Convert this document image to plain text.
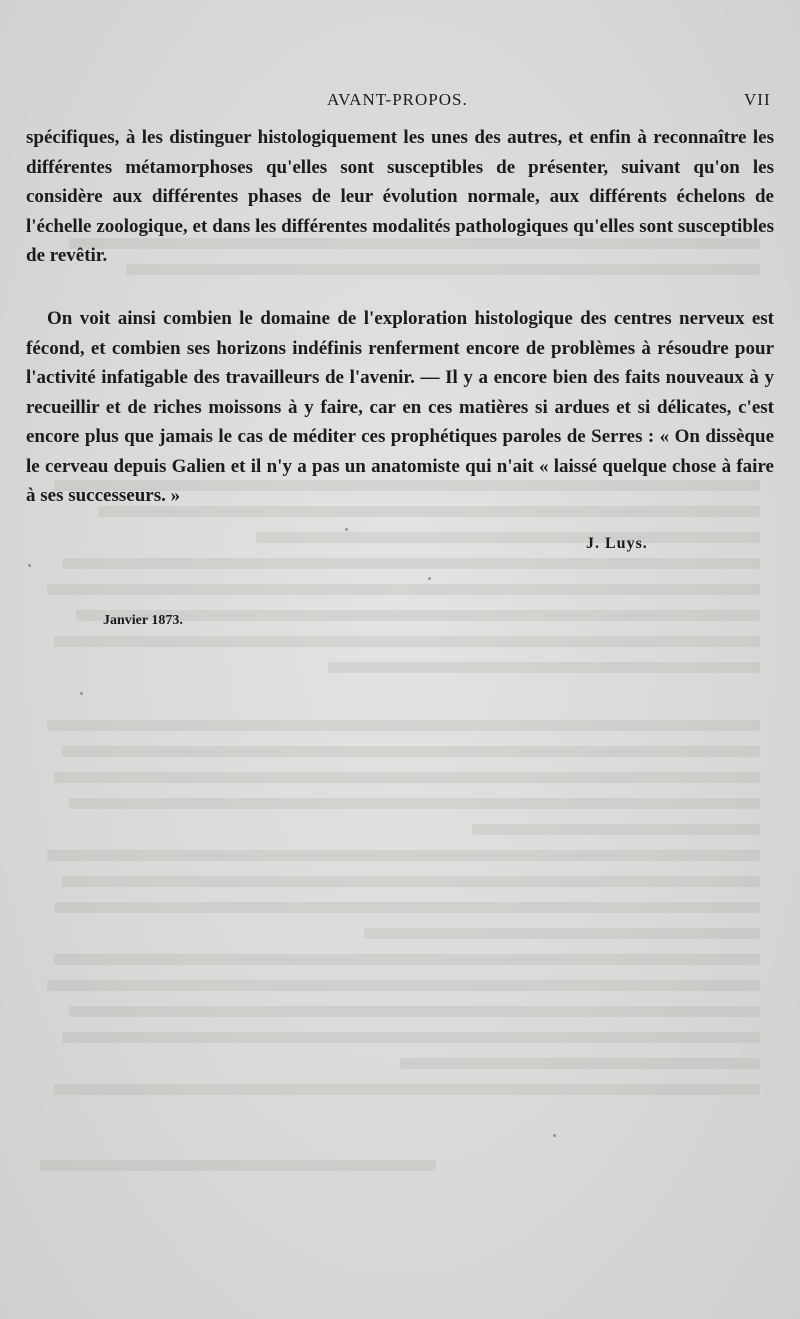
AVANT-PROPOS.	VII

spécifiques, à les distinguer histologiquement les unes des autres, et enfin à reconnaître les différentes métamorphoses qu'elles sont susceptibles de présenter, suivant qu'on les considère aux différentes phases de leur évolution normale, aux différents échelons de l'échelle zoologique, et dans les différentes modalités pathologiques qu'elles sont susceptibles de revêtir.

On voit ainsi combien le domaine de l'exploration histologique des centres nerveux est fécond, et combien ses horizons indéfinis renferment encore de problèmes à résoudre pour l'activité infatigable des travailleurs de l'avenir. — Il y a encore bien des faits nouveaux à y recueillir et de riches moissons à y faire, car en ces matières si ardues et si délicates, c'est encore plus que jamais le cas de méditer ces prophétiques paroles de Serres : « On dissèque le cerveau depuis Galien et il n'y a pas un anatomiste qui n'ait « laissé quelque chose à faire à ses successeurs. »

J. Luys.
Janvier 1873.
